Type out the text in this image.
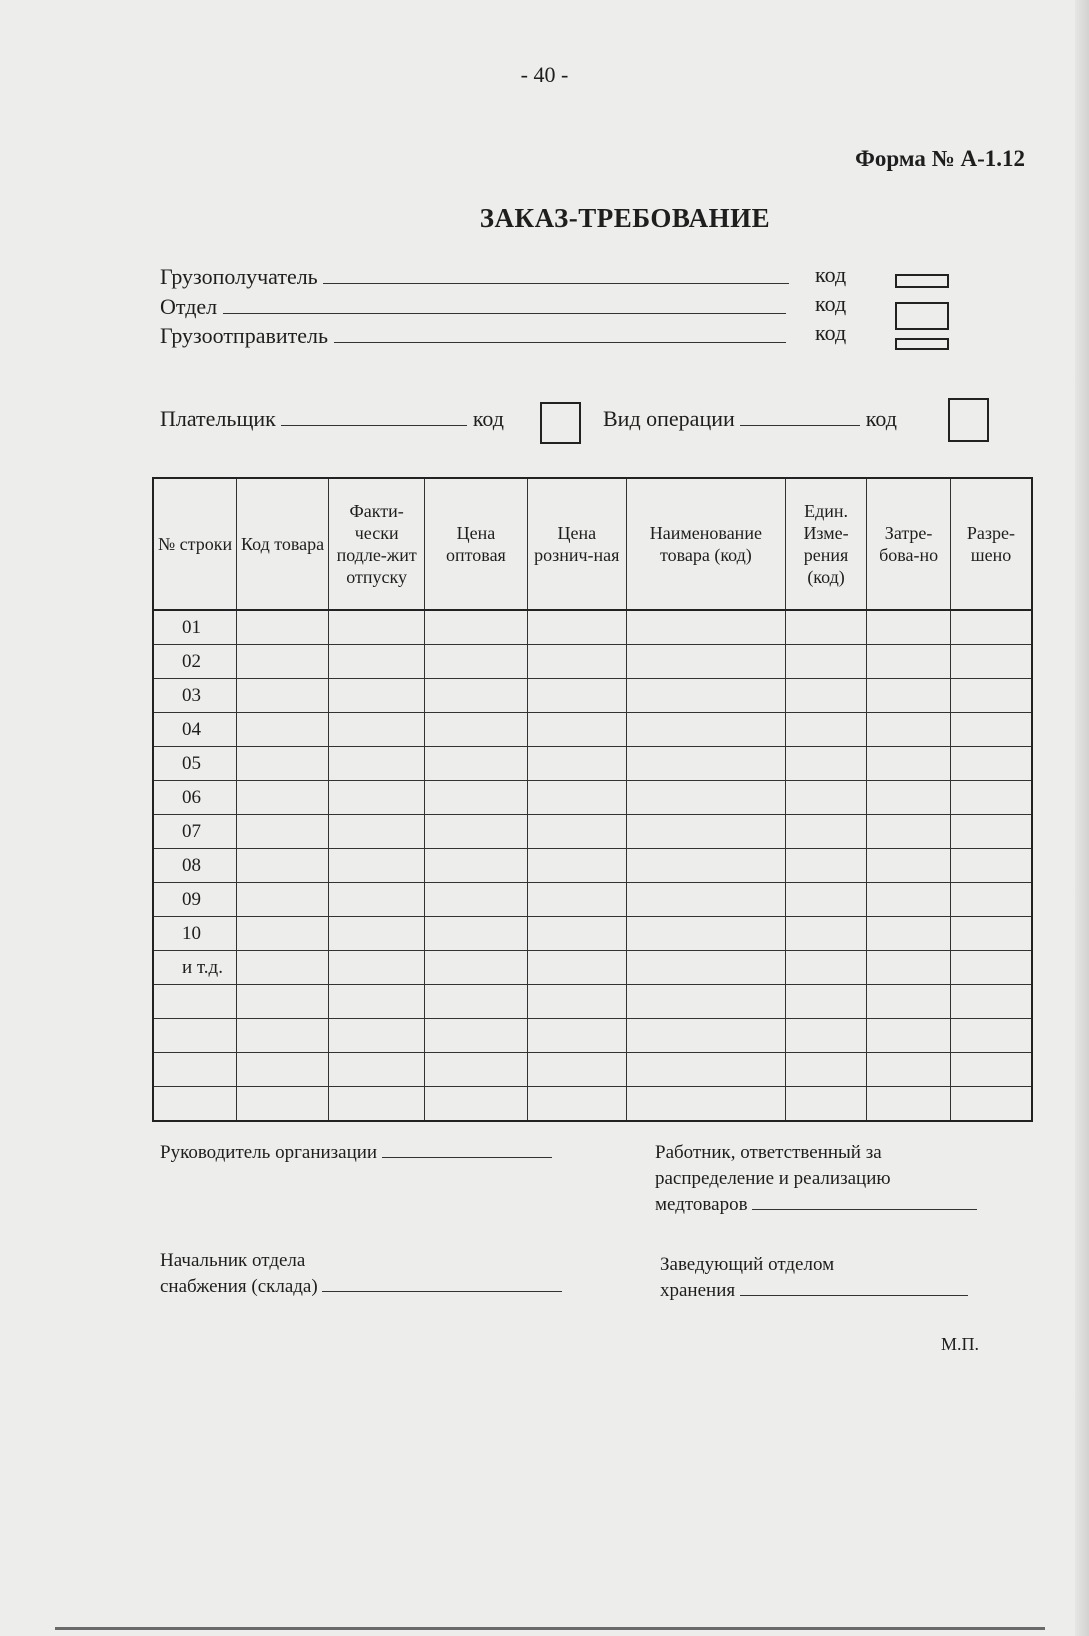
- 40 -
Форма № А-1.12
ЗАКАЗ-ТРЕБОВАНИЕ
Грузополучатель	код
Отдел	код
Грузоотправитель	код
Плательщик	код	Вид операции	код
№ строки	Код товара	Факти-чески подле-жит отпуску	Цена оптовая	Цена рознич-ная	Наименование товара (код)	Един. Изме-рения (код)	Затре-бова-но	Разре-шено
01								
02								
03								
04								
05								
06								
07								
08								
09								
10								
и т.д.								

Руководитель организации	Работник, ответственный за
распределение и реализацию
медтоваров
Начальник отдела
снабжения (склада)
Заведующий отделом
хранения
М.П.
